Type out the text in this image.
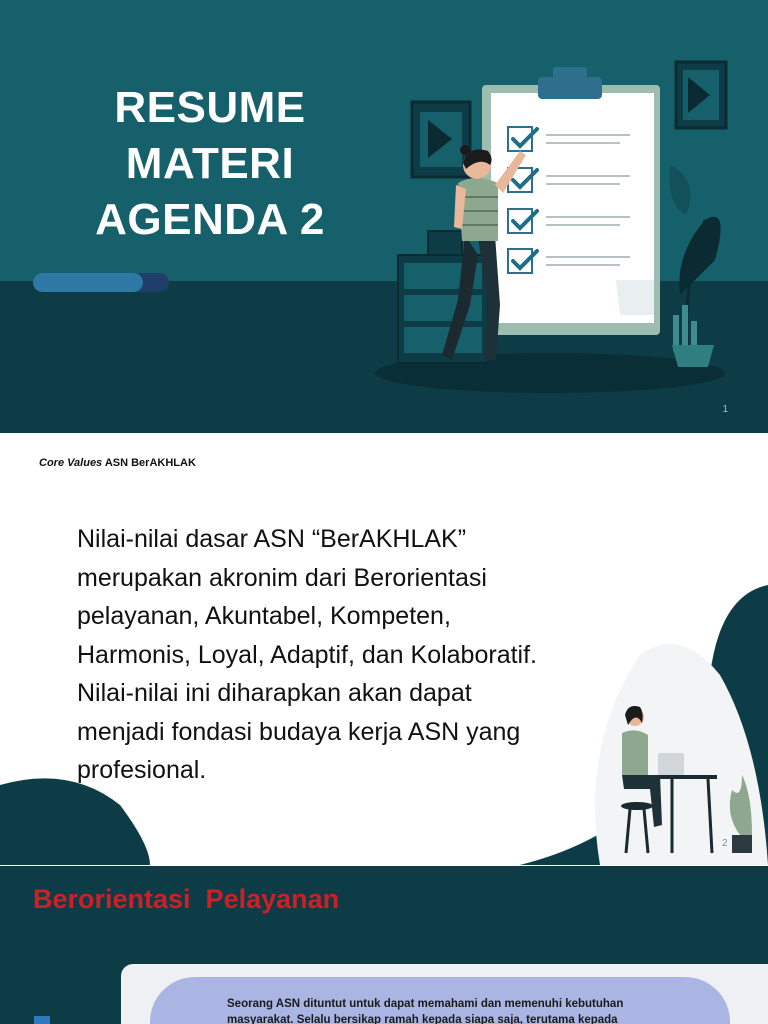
RESUME
MATERI
AGENDA 2
1
Core Values ASN BerAKHLAK
Nilai-nilai dasar ASN “BerAKHLAK” merupakan akronim dari Berorientasi pelayanan, Akuntabel, Kompeten, Harmonis, Loyal, Adaptif, dan Kolaboratif. Nilai-nilai ini diharapkan akan dapat menjadi fondasi budaya kerja ASN yang profesional.
2
Berorientasi  Pelayanan
Seorang ASN dituntut untuk dapat memahami dan memenuhi kebutuhan masyarakat. Selalu bersikap ramah kepada siapa saja, terutama kepada
